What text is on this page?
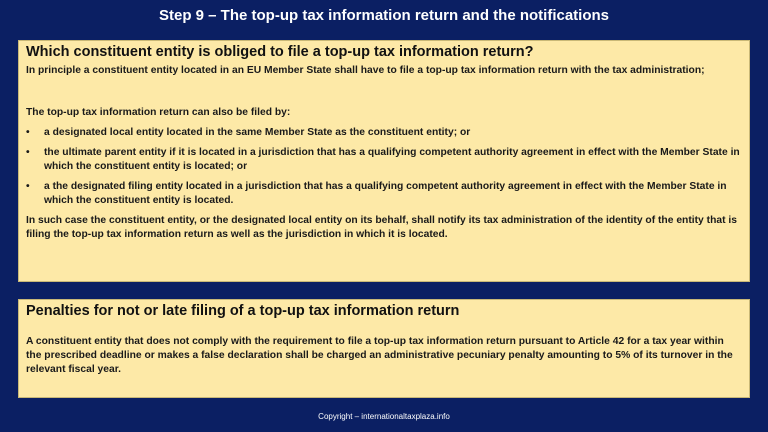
Step 9 – The top-up tax information return and the notifications

Which constituent entity is obliged to file a top-up tax information return?

In principle a constituent entity located in an EU Member State shall have to file a top-up tax information return with the tax administration;

The top-up tax information return can also be filed by:

• a designated local entity located in the same Member State as the constituent entity; or
• the ultimate parent entity if it is located in a jurisdiction that has a qualifying competent authority agreement in effect with the Member State in which the constituent entity is located; or
• a the designated filing entity located in a jurisdiction that has a qualifying competent authority agreement in effect with the Member State in which the constituent entity is located.

In such case the constituent entity, or the designated local entity on its behalf, shall notify its tax administration of the identity of the entity that is filing the top-up tax information return as well as the jurisdiction in which it is located.

Penalties for not or late filing of a top-up tax information return

A constituent entity that does not comply with the requirement to file a top-up tax information return pursuant to Article 42 for a tax year within the prescribed deadline or makes a false declaration shall be charged an administrative pecuniary penalty amounting to 5% of its turnover in the relevant fiscal year.

Copyright – internationaltaxplaza.info
